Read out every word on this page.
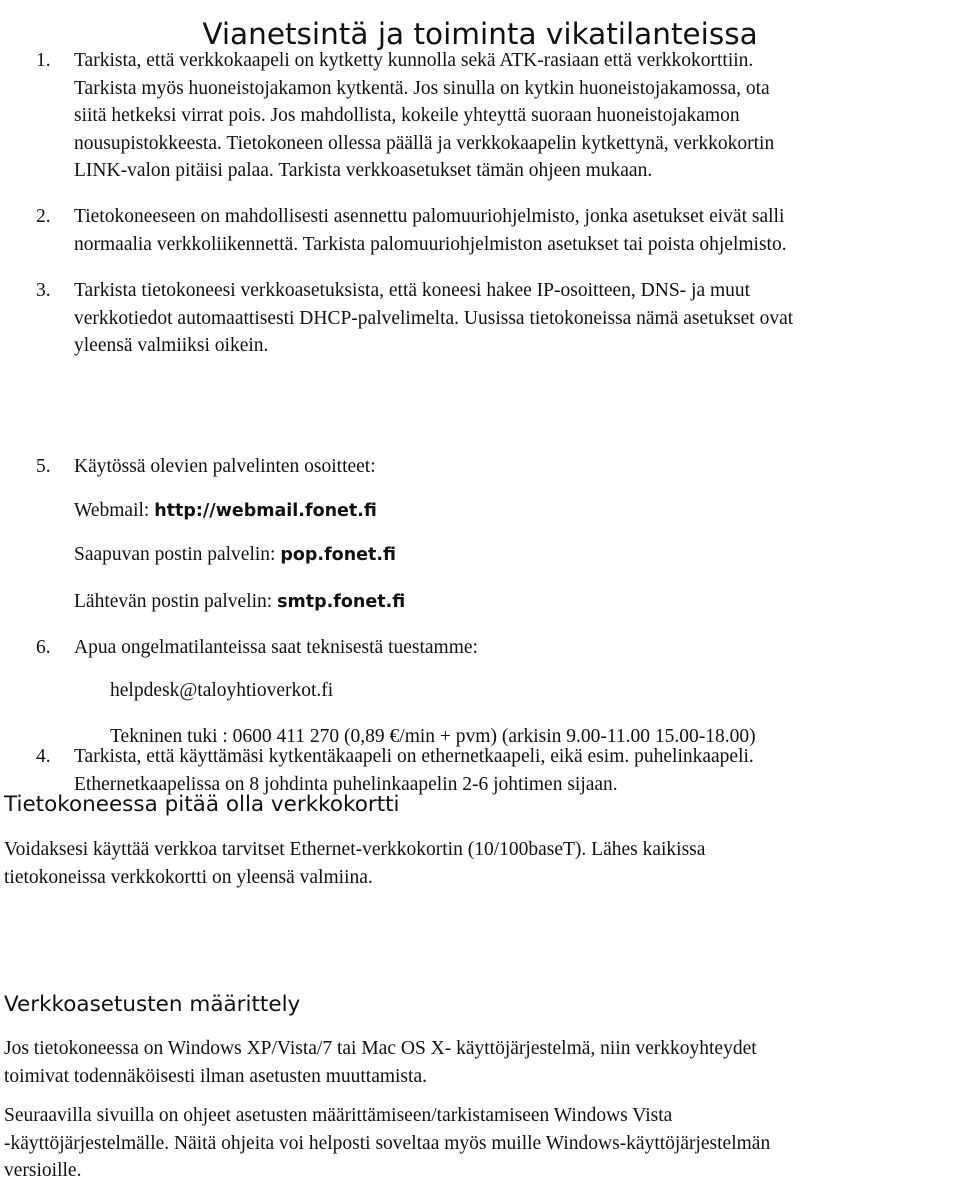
Vianetsintä ja toiminta vikatilanteissa
1. Tarkista, että verkkokaapeli on kytketty kunnolla sekä ATK-rasiaan että verkkokorttiin.
Tarkista myös huoneistojakamon kytkentä. Jos sinulla on kytkin huoneistojakamossa, ota
siitä hetkeksi virrat pois. Jos mahdollista, kokeile yhteyttä suoraan huoneistojakamon
nousupistokkeesta. Tietokoneen ollessa päällä ja verkkokaapelin kytkettynä, verkkokortin
LINK-valon pitäisi palaa. Tarkista verkkoasetukset tämän ohjeen mukaan.
2. Tietokoneeseen on mahdollisesti asennettu palomuuriohjelmisto, jonka asetukset eivät salli
normaalia verkkoliikennettä. Tarkista palomuuriohjelmiston asetukset tai poista ohjelmisto.
3. Tarkista tietokoneesi verkkoasetuksista, että koneesi hakee IP-osoitteen, DNS- ja muut
verkkotiedot automaattisesti DHCP-palvelimelta. Uusissa tietokoneissa nämä asetukset ovat
yleensä valmiiksi oikein.
4. Tarkista, että käyttämäsi kytkentäkaapeli on ethernetkaapeli, eikä esim. puhelinkaapeli.
Ethernetkaapelissa on 8 johdinta puhelinkaapelin 2-6 johtimen sijaan.
5. Käytössä olevien palvelinten osoitteet:
Webmail: http://webmail.fonet.fi
Saapuvan postin palvelin: pop.fonet.fi
Lähtevän postin palvelin: smtp.fonet.fi
6. Apua ongelmatilanteissa saat teknisestä tuestamme:
helpdesk@taloyhtioverkot.fi
Tekninen tuki : 0600 411 270 (0,89 €/min + pvm) (arkisin 9.00-11.00 15.00-18.00)
Tietokoneessa pitää olla verkkokortti
Voidaksesi käyttää verkkoa tarvitset Ethernet-verkkokortin (10/100baseT). Lähes kaikissa
tietokoneissa verkkokortti on yleensä valmiina.
Verkkoasetusten määrittely
Jos tietokoneessa on Windows XP/Vista/7 tai Mac OS X- käyttöjärjestelmä, niin verkkoyhteydet
toimivat todennäköisesti ilman asetusten muuttamista.
Seuraavilla sivuilla on ohjeet asetusten määrittämiseen/tarkistamiseen Windows Vista
-käyttöjärjestelmälle. Näitä ohjeita voi helposti soveltaa myös muille Windows-käyttöjärjestelmän
versioille.
